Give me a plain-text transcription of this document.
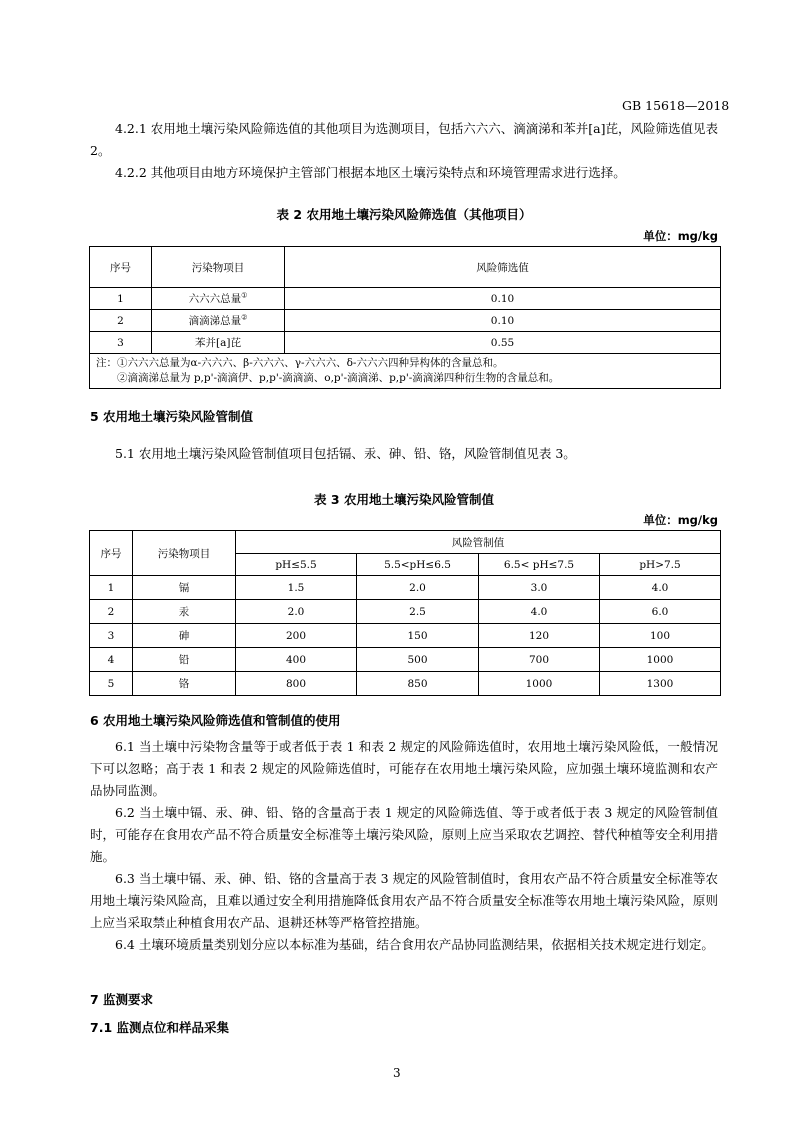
GB 15618—2018

4.2.1 农用地土壤污染风险筛选值的其他项目为选测项目，包括六六六、滴滴涕和苯并[a]芘，风险筛选值见表 2。

4.2.2 其他项目由地方环境保护主管部门根据本地区土壤污染特点和环境管理需求进行选择。

表 2 农用地土壤污染风险筛选值（其他项目）
单位：mg/kg
序号	污染物项目	风险筛选值
1	六六六总量①	0.10
2	滴滴涕总量②	0.10
3	苯并[a]芘	0.55

注：①六六六总量为α-六六六、β-六六六、γ-六六六、δ-六六六四种异构体的含量总和。
②滴滴涕总量为 p,p'-滴滴伊、p,p'-滴滴滴、o,p'-滴滴涕、p,p'-滴滴涕四种衍生物的含量总和。		
5 农用地土壤污染风险管制值

5.1 农用地土壤污染风险管制值项目包括镉、汞、砷、铅、铬，风险管制值见表 3。

表 3 农用地土壤污染风险管制值
单位：mg/kg
序号	污染物项目	风险管制值			
		pH≤5.5	5.5<pH≤6.5	6.5< pH≤7.5	pH>7.5
1	镉	1.5	2.0	3.0	4.0
2	汞	2.0	2.5	4.0	6.0
3	砷	200	150	120	100
4	铅	400	500	700	1000
5	铬	800	850	1000	1300
6 农用地土壤污染风险筛选值和管制值的使用

6.1 当土壤中污染物含量等于或者低于表 1 和表 2 规定的风险筛选值时，农用地土壤污染风险低，一般情况下可以忽略；高于表 1 和表 2 规定的风险筛选值时，可能存在农用地土壤污染风险，应加强土壤环境监测和农产品协同监测。

6.2 当土壤中镉、汞、砷、铅、铬的含量高于表 1 规定的风险筛选值、等于或者低于表 3 规定的风险管制值时，可能存在食用农产品不符合质量安全标准等土壤污染风险，原则上应当采取农艺调控、替代种植等安全利用措施。

6.3 当土壤中镉、汞、砷、铅、铬的含量高于表 3 规定的风险管制值时，食用农产品不符合质量安全标准等农用地土壤污染风险高，且难以通过安全利用措施降低食用农产品不符合质量安全标准等农用地土壤污染风险，原则上应当采取禁止种植食用农产品、退耕还林等严格管控措施。

6.4 土壤环境质量类别划分应以本标准为基础，结合食用农产品协同监测结果，依据相关技术规定进行划定。

7 监测要求
7.1 监测点位和样品采集
3
